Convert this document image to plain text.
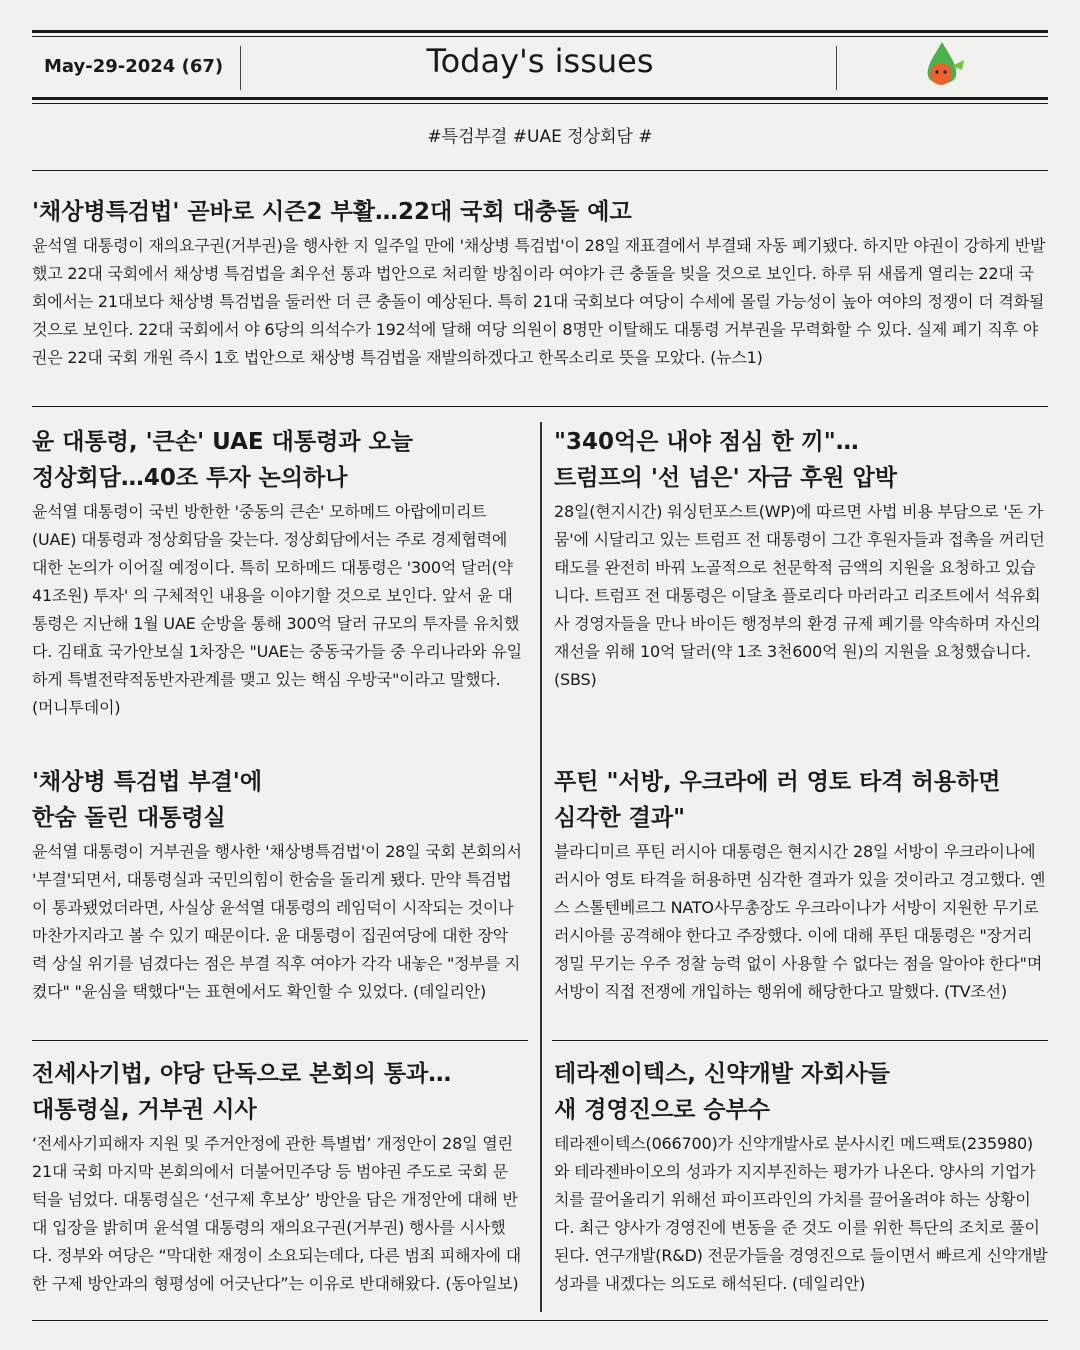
May-29-2024 (67)	Today's issues
#특검부결 #UAE 정상회담 #
'채상병특검법' 곧바로 시즌2 부활…22대 국회 대충돌 예고

윤석열 대통령이 재의요구권(거부권)을 행사한 지 일주일 만에 '채상병 특검법'이 28일 재표결에서 부결돼 자동 폐기됐다. 하지만 야권이 강하게 반발했고 22대 국회에서 채상병 특검법을 최우선 통과 법안으로 처리할 방침이라 여야가 큰 충돌을 빚을 것으로 보인다. 하루 뒤 새롭게 열리는 22대 국회에서는 21대보다 채상병 특검법을 둘러싼 더 큰 충돌이 예상된다. 특히 21대 국회보다 여당이 수세에 몰릴 가능성이 높아 여야의 정쟁이 더 격화될 것으로 보인다. 22대 국회에서 야 6당의 의석수가 192석에 달해 여당 의원이 8명만 이탈해도 대통령 거부권을 무력화할 수 있다. 실제 폐기 직후 야권은 22대 국회 개원 즉시 1호 법안으로 채상병 특검법을 재발의하겠다고 한목소리로 뜻을 모았다. (뉴스1)

윤 대통령, '큰손' UAE 대통령과 오늘
정상회담…40조 투자 논의하나

윤석열 대통령이 국빈 방한한 '중동의 큰손' 모하메드 아랍에미리트(UAE) 대통령과 정상회담을 갖는다. 정상회담에서는 주로 경제협력에 대한 논의가 이어질 예정이다. 특히 모하메드 대통령은 '300억 달러(약 41조원) 투자' 의 구체적인 내용을 이야기할 것으로 보인다. 앞서 윤 대통령은 지난해 1월 UAE 순방을 통해 300억 달러 규모의 투자를 유치했다. 김태효 국가안보실 1차장은 "UAE는 중동국가들 중 우리나라와 유일하게 특별전략적동반자관계를 맺고 있는 핵심 우방국"이라고 말했다. (머니투데이)

'채상병 특검법 부결'에
한숨 돌린 대통령실

윤석열 대통령이 거부권을 행사한 '채상병특검법'이 28일 국회 본회의서 '부결'되면서, 대통령실과 국민의힘이 한숨을 돌리게 됐다. 만약 특검법이 통과됐었더라면, 사실상 윤석열 대통령의 레임덕이 시작되는 것이나 마찬가지라고 볼 수 있기 때문이다. 윤 대통령이 집권여당에 대한 장악력 상실 위기를 넘겼다는 점은 부결 직후 여야가 각각 내놓은 "정부를 지켰다" "윤심을 택했다"는 표현에서도 확인할 수 있었다. (데일리안)

전세사기법, 야당 단독으로 본회의 통과…
대통령실, 거부권 시사

‘전세사기피해자 지원 및 주거안정에 관한 특별법’ 개정안이 28일 열린 21대 국회 마지막 본회의에서 더불어민주당 등 범야권 주도로 국회 문턱을 넘었다. 대통령실은 ‘선구제 후보상’ 방안을 담은 개정안에 대해 반대 입장을 밝히며 윤석열 대통령의 재의요구권(거부권) 행사를 시사했다. 정부와 여당은 “막대한 재정이 소요되는데다, 다른 범죄 피해자에 대한 구제 방안과의 형평성에 어긋난다”는 이유로 반대해왔다. (동아일보)

"340억은 내야 점심 한 끼"…
트럼프의 '선 넘은' 자금 후원 압박

28일(현지시간) 워싱턴포스트(WP)에 따르면 사법 비용 부담으로 '돈 가뭄'에 시달리고 있는 트럼프 전 대통령이 그간 후원자들과 접촉을 꺼리던 태도를 완전히 바꿔 노골적으로 천문학적 금액의 지원을 요청하고 있습니다. 트럼프 전 대통령은 이달초 플로리다 마러라고 리조트에서 석유회사 경영자들을 만나 바이든 행정부의 환경 규제 폐기를 약속하며 자신의 재선을 위해 10억 달러(약 1조 3천600억 원)의 지원을 요청했습니다. (SBS)

푸틴 "서방, 우크라에 러 영토 타격 허용하면
심각한 결과"

블라디미르 푸틴 러시아 대통령은 현지시간 28일 서방이 우크라이나에 러시아 영토 타격을 허용하면 심각한 결과가 있을 것이라고 경고했다. 옌스 스톨텐베르그 NATO사무총장도 우크라이나가 서방이 지원한 무기로 러시아를 공격해야 한다고 주장했다. 이에 대해 푸틴 대통령은 "장거리 정밀 무기는 우주 정찰 능력 없이 사용할 수 없다는 점을 알아야 한다"며 서방이 직접 전쟁에 개입하는 행위에 해당한다고 말했다. (TV조선)

테라젠이텍스, 신약개발 자회사들
새 경영진으로 승부수

테라젠이텍스(066700)가 신약개발사로 분사시킨 메드팩토(235980)와 테라젠바이오의 성과가 지지부진하는 평가가 나온다. 양사의 기업가치를 끌어올리기 위해선 파이프라인의 가치를 끌어올려야 하는 상황이다. 최근 양사가 경영진에 변동을 준 것도 이를 위한 특단의 조치로 풀이된다. 연구개발(R&D) 전문가들을 경영진으로 들이면서 빠르게 신약개발 성과를 내겠다는 의도로 해석된다. (데일리안)
